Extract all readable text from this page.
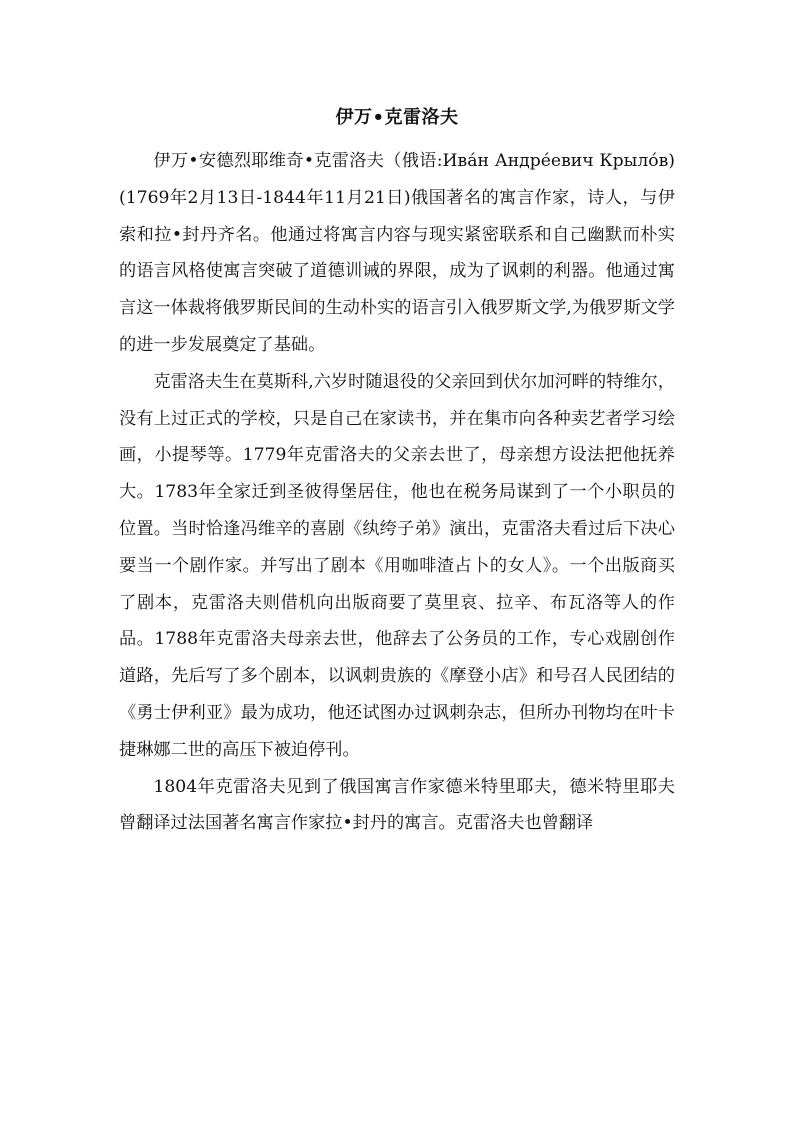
伊万•克雷洛夫

伊万•安德烈耶维奇•克雷洛夫（俄语:Ива́н Андре́евич Крыло́в)(1769年2月13日-1844年11月21日)俄国著名的寓言作家，诗人，与伊索和拉•封丹齐名。他通过将寓言内容与现实紧密联系和自己幽默而朴实的语言风格使寓言突破了道德训诫的界限，成为了讽刺的利器。他通过寓言这一体裁将俄罗斯民间的生动朴实的语言引入俄罗斯文学,为俄罗斯文学的进一步发展奠定了基础。

克雷洛夫生在莫斯科,六岁时随退役的父亲回到伏尔加河畔的特维尔，没有上过正式的学校，只是自己在家读书，并在集市向各种卖艺者学习绘画，小提琴等。1779年克雷洛夫的父亲去世了，母亲想方设法把他抚养大。1783年全家迁到圣彼得堡居住，他也在税务局谋到了一个小职员的位置。当时恰逢冯维辛的喜剧《纨绔子弟》演出，克雷洛夫看过后下决心要当一个剧作家。并写出了剧本《用咖啡渣占卜的女人》。一个出版商买了剧本，克雷洛夫则借机向出版商要了莫里哀、拉辛、布瓦洛等人的作品。1788年克雷洛夫母亲去世，他辞去了公务员的工作，专心戏剧创作道路，先后写了多个剧本，以讽刺贵族的《摩登小店》和号召人民团结的《勇士伊利亚》最为成功，他还试图办过讽刺杂志，但所办刊物均在叶卡捷琳娜二世的高压下被迫停刊。

1804年克雷洛夫见到了俄国寓言作家德米特里耶夫，德米特里耶夫曾翻译过法国著名寓言作家拉•封丹的寓言。克雷洛夫也曾翻译
